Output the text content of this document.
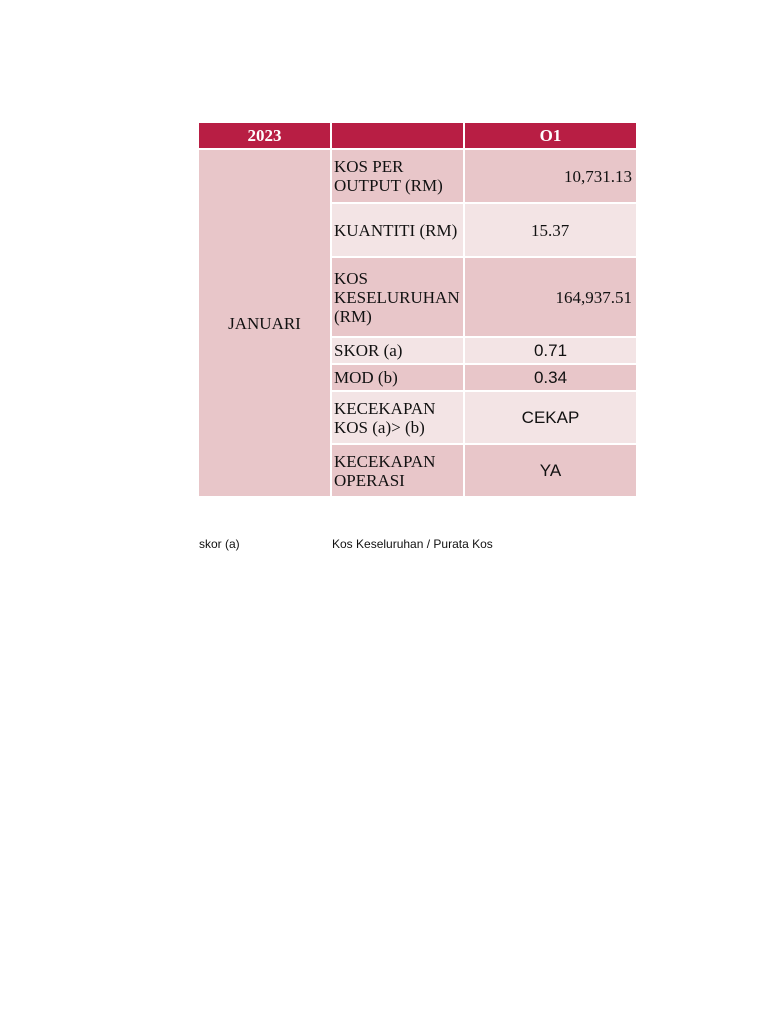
2023		O1
JANUARI	KOS PER OUTPUT (RM)	10,731.13
	KUANTITI (RM)	15.37
	KOS KESELURUHAN (RM)	164,937.51
	SKOR (a)	0.71
	MOD (b)	0.34
	KECEKAPAN KOS (a)> (b)	CEKAP
	KECEKAPAN OPERASI	YA
skor (a)	Kos Keseluruhan / Purata Kos
